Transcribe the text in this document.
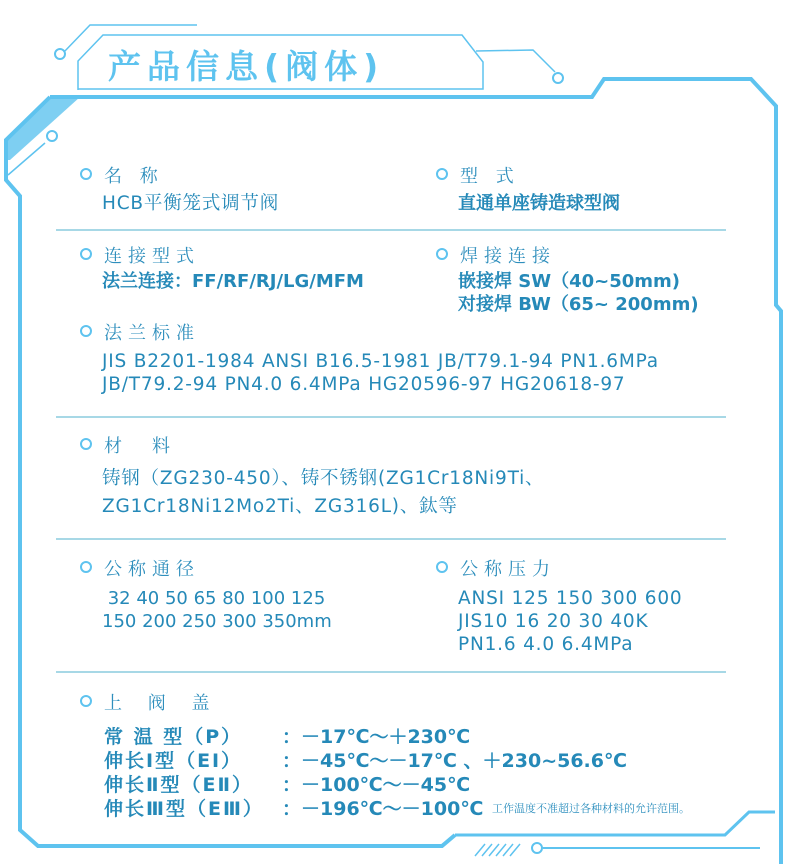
产品信息(阀体)
名 称
HCB平衡笼式调节阀
型 式
直通单座铸造球型阀
连接型式
法兰连接：FF/RF/RJ/LG/MFM
焊接连接
嵌接焊 SW（40~50mm)
对接焊 BW（65~ 200mm)
法兰标准
JIS B2201-1984 ANSI B16.5-1981 JB/T79.1-94 PN1.6MPa
JB/T79.2-94 PN4.0 6.4MPa HG20596-97 HG20618-97
材　料
铸钢（ZG230-450）、铸不锈钢(ZG1Cr18Ni9Ti、
ZG1Cr18Ni12Mo2Ti、ZG316L)、鈦等
公称通径
32 40 50 65 80 100 125
150 200 250 300 350mm
公称压力
ANSI 125 150 300 600
JIS10 16 20 30 40K
PN1.6 4.0 6.4MPa
上 阀 盖
常 温 型（P） ：－17℃～＋230℃
伸长Ⅰ型（EⅠ） ：－45℃～－17℃ 、＋230~56.6℃
伸长Ⅱ型（EⅡ） ：－100℃～－45℃
伸长Ⅲ型（EⅢ） ：－196℃～－100℃ 工作温度不准超过各种材料的允许范围。
